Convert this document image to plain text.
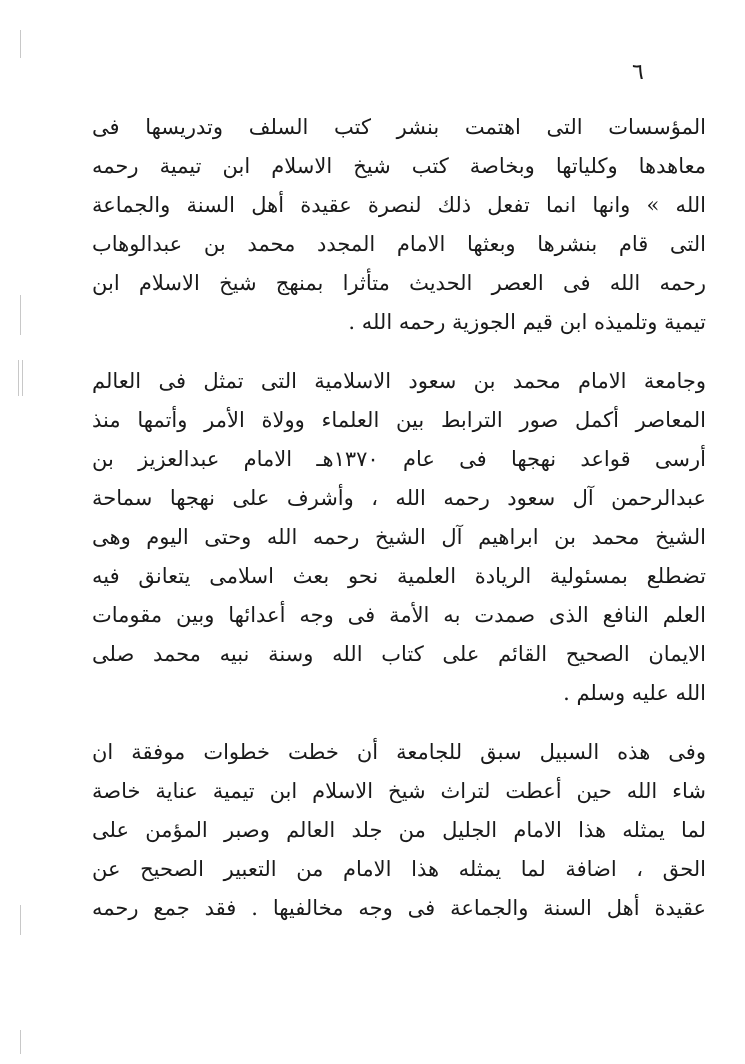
٦
المؤسسات التى اهتمت بنشر كتب السلف وتدريسها فى
معاهدها وكلياتها وبخاصة كتب شيخ الاسلام ابن تيمية رحمه
الله » وانها انما تفعل ذلك لنصرة عقيدة أهل السنة والجماعة
التى قام بنشرها وبعثها الامام المجدد محمد بن عبدالوهاب
رحمه الله فى العصر الحديث متأثرا بمنهج شيخ الاسلام ابن
تيمية وتلميذه ابن قيم الجوزية رحمه الله .
وجامعة الامام محمد بن سعود الاسلامية التى تمثل فى العالم
المعاصر أكمل صور الترابط بين العلماء وولاة الأمر وأتمها منذ
أرسى قواعد نهجها فى عام ١٣٧٠هـ الامام عبدالعزيز بن
عبدالرحمن آل سعود رحمه الله ، وأشرف على نهجها سماحة
الشيخ محمد بن ابراهيم آل الشيخ رحمه الله وحتى اليوم وهى
تضطلع بمسئولية الريادة العلمية نحو بعث اسلامى يتعانق فيه
العلم النافع الذى صمدت به الأمة فى وجه أعدائها وبين مقومات
الايمان الصحيح القائم على كتاب الله وسنة نبيه محمد صلى
الله عليه وسلم .
وفى هذه السبيل سبق للجامعة أن خطت خطوات موفقة ان
شاء الله حين أعطت لتراث شيخ الاسلام ابن تيمية عناية خاصة
لما يمثله هذا الامام الجليل من جلد العالم وصبر المؤمن على
الحق ، اضافة لما يمثله هذا الامام من التعبير الصحيح عن
عقيدة أهل السنة والجماعة فى وجه مخالفيها . فقد جمع رحمه
